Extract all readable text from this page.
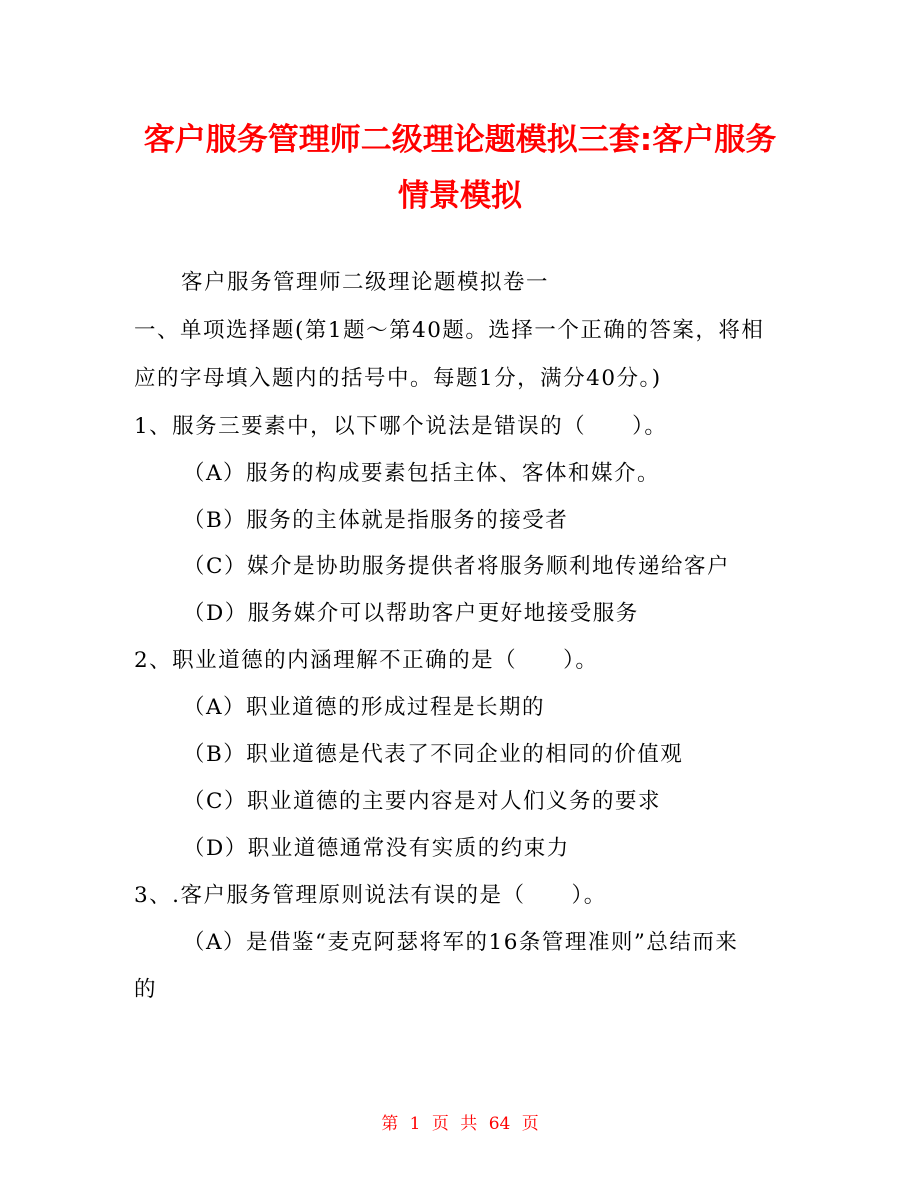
客户服务管理师二级理论题模拟三套:客户服务
情景模拟
客户服务管理师二级理论题模拟卷一
一、单项选择题(第1题～第40题。选择一个正确的答案，将相
应的字母填入题内的括号中。每题1分，满分40分。)
1、服务三要素中，以下哪个说法是错误的（　　）。
（A）服务的构成要素包括主体、客体和媒介。
（B）服务的主体就是指服务的接受者
（C）媒介是协助服务提供者将服务顺利地传递给客户
（D）服务媒介可以帮助客户更好地接受服务
2、职业道德的内涵理解不正确的是（　　）。
（A）职业道德的形成过程是长期的
（B）职业道德是代表了不同企业的相同的价值观
（C）职业道德的主要内容是对人们义务的要求
（D）职业道德通常没有实质的约束力
3、.客户服务管理原则说法有误的是（　　）。
（A）是借鉴“麦克阿瑟将军的16条管理准则”总结而来
的
第 1 页 共 64 页
